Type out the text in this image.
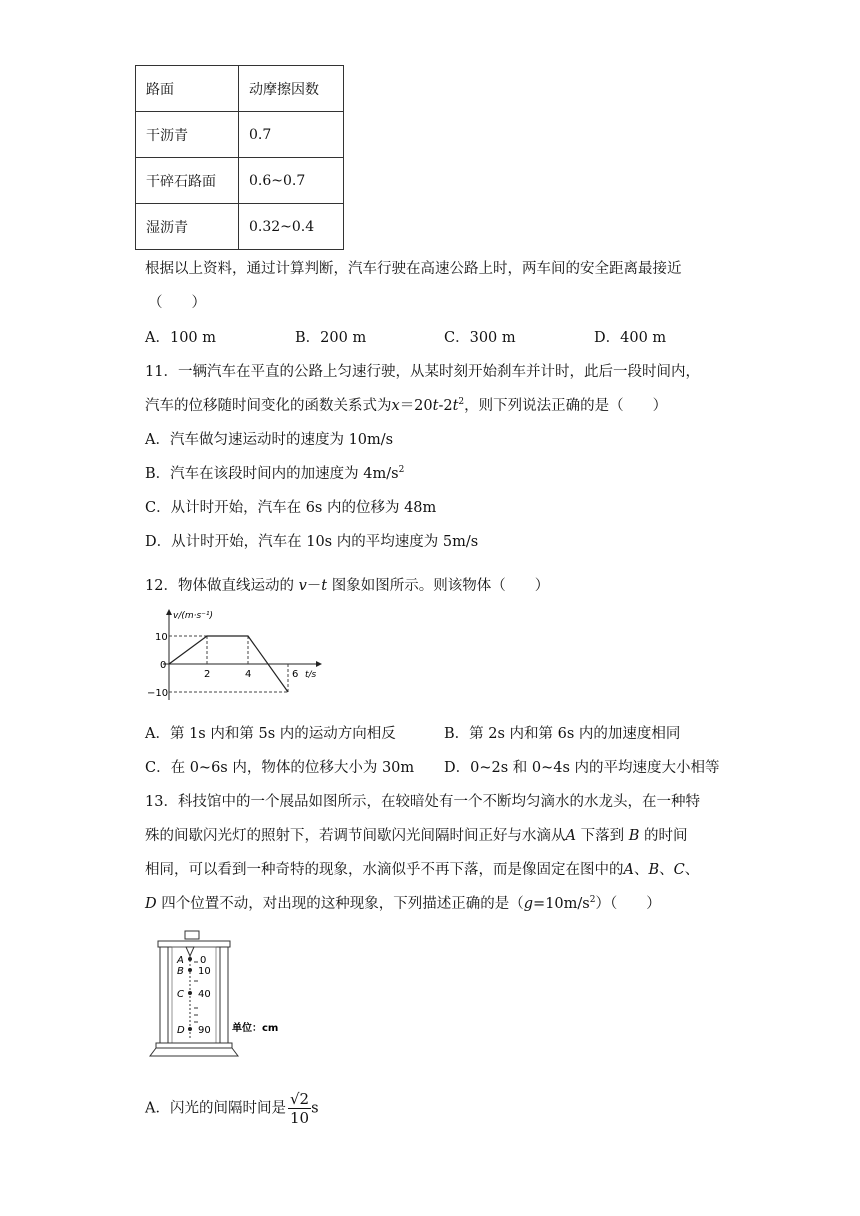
路面	动摩擦因数
干沥青	0.7
干碎石路面	0.6~0.7
湿沥青	0.32~0.4
根据以上资料，通过计算判断，汽车行驶在高速公路上时，两车间的安全距离最接近
（　　）
A．100 m	B．200 m	C．300 m	D．400 m
11．一辆汽车在平直的公路上匀速行驶，从某时刻开始刹车并计时，此后一段时间内，
汽车的位移随时间变化的函数关系式为$x=20t-2t^2$，则下列说法正确的是（　　）
A．汽车做匀速运动时的速度为 10m/s
B．汽车在该段时间内的加速度为 $4m/s^2$
C．从计时开始，汽车在 6s 内的位移为 48m
D．从计时开始，汽车在 10s 内的平均速度为 5m/s
12．物体做直线运动的 v－t 图象如图所示。则该物体（　　）
v/(m·s⁻¹)
t/s
10
0
−10
2	4	6
A．第 1s 内和第 5s 内的运动方向相反	B．第 2s 内和第 6s 内的加速度相同
C．在 0~6s 内，物体的位移大小为 30m D．0~2s 和 0~4s 内的平均速度大小相等
13．科技馆中的一个展品如图所示，在较暗处有一个不断均匀滴水的水龙头，在一种特
殊的间歇闪光灯的照射下，若调节间歇闪光间隔时间正好与水滴从A 下落到 B 的时间
相同，可以看到一种奇特的现象，水滴似乎不再下落，而是像固定在图中的A、B、C、
D 四个位置不动，对出现的这种现象，下列描述正确的是$(g=10m/s^2)$（　　）
A
B
C
D
0
10
40
90 单位：cm
A．闪光的间隔时间是 $\frac{√2}{10}$ s
